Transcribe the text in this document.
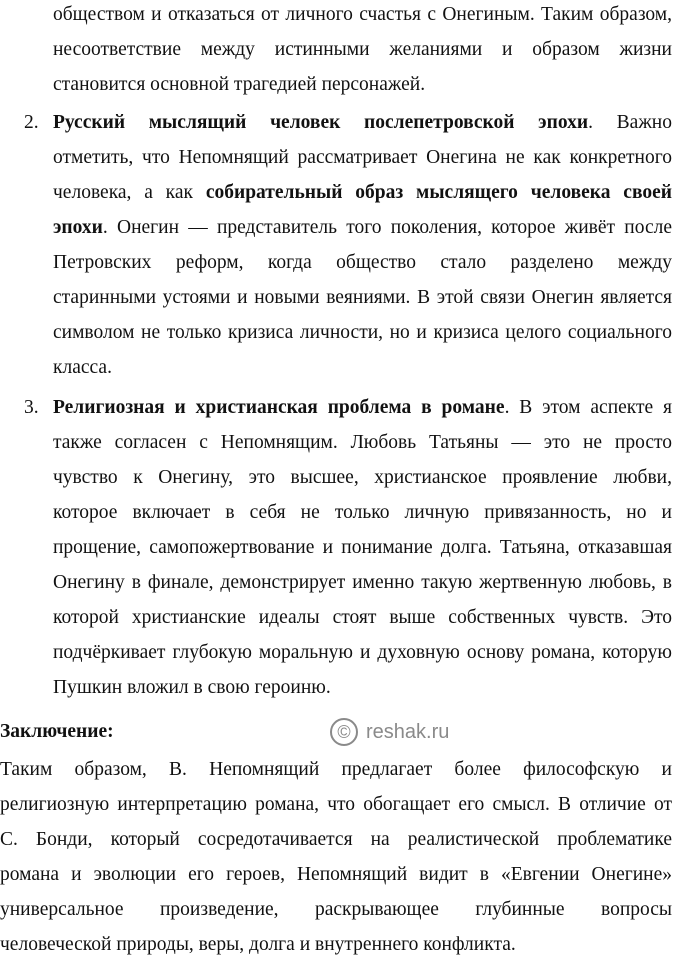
обществом и отказаться от личного счастья с Онегиным. Таким образом,
несоответствие между истинными желаниями и образом жизни
становится основной трагедией персонажей.
2. Русский мыслящий человек послепетровской эпохи. Важно
отметить, что Непомнящий рассматривает Онегина не как конкретного
человека, а как собирательный образ мыслящего человека своей
эпохи. Онегин — представитель того поколения, которое живёт после
Петровских реформ, когда общество стало разделено между
старинными устоями и новыми веяниями. В этой связи Онегин является
символом не только кризиса личности, но и кризиса целого социального
класса.
3. Религиозная и христианская проблема в романе. В этом аспекте я
также согласен с Непомнящим. Любовь Татьяны — это не просто
чувство к Онегину, это высшее, христианское проявление любви,
которое включает в себя не только личную привязанность, но и
прощение, самопожертвование и понимание долга. Татьяна, отказавшая
Онегину в финале, демонстрирует именно такую жертвенную любовь, в
которой христианские идеалы стоят выше собственных чувств. Это
подчёркивает глубокую моральную и духовную основу романа, которую
Пушкин вложил в свою героиню.
Заключение:
Таким образом, В. Непомнящий предлагает более философскую и
религиозную интерпретацию романа, что обогащает его смысл. В отличие от
С. Бонди, который сосредотачивается на реалистической проблематике
романа и эволюции его героев, Непомнящий видит в «Евгении Онегине»
универсальное произведение, раскрывающее глубинные вопросы
человеческой природы, веры, долга и внутреннего конфликта.
© reshak.ru
